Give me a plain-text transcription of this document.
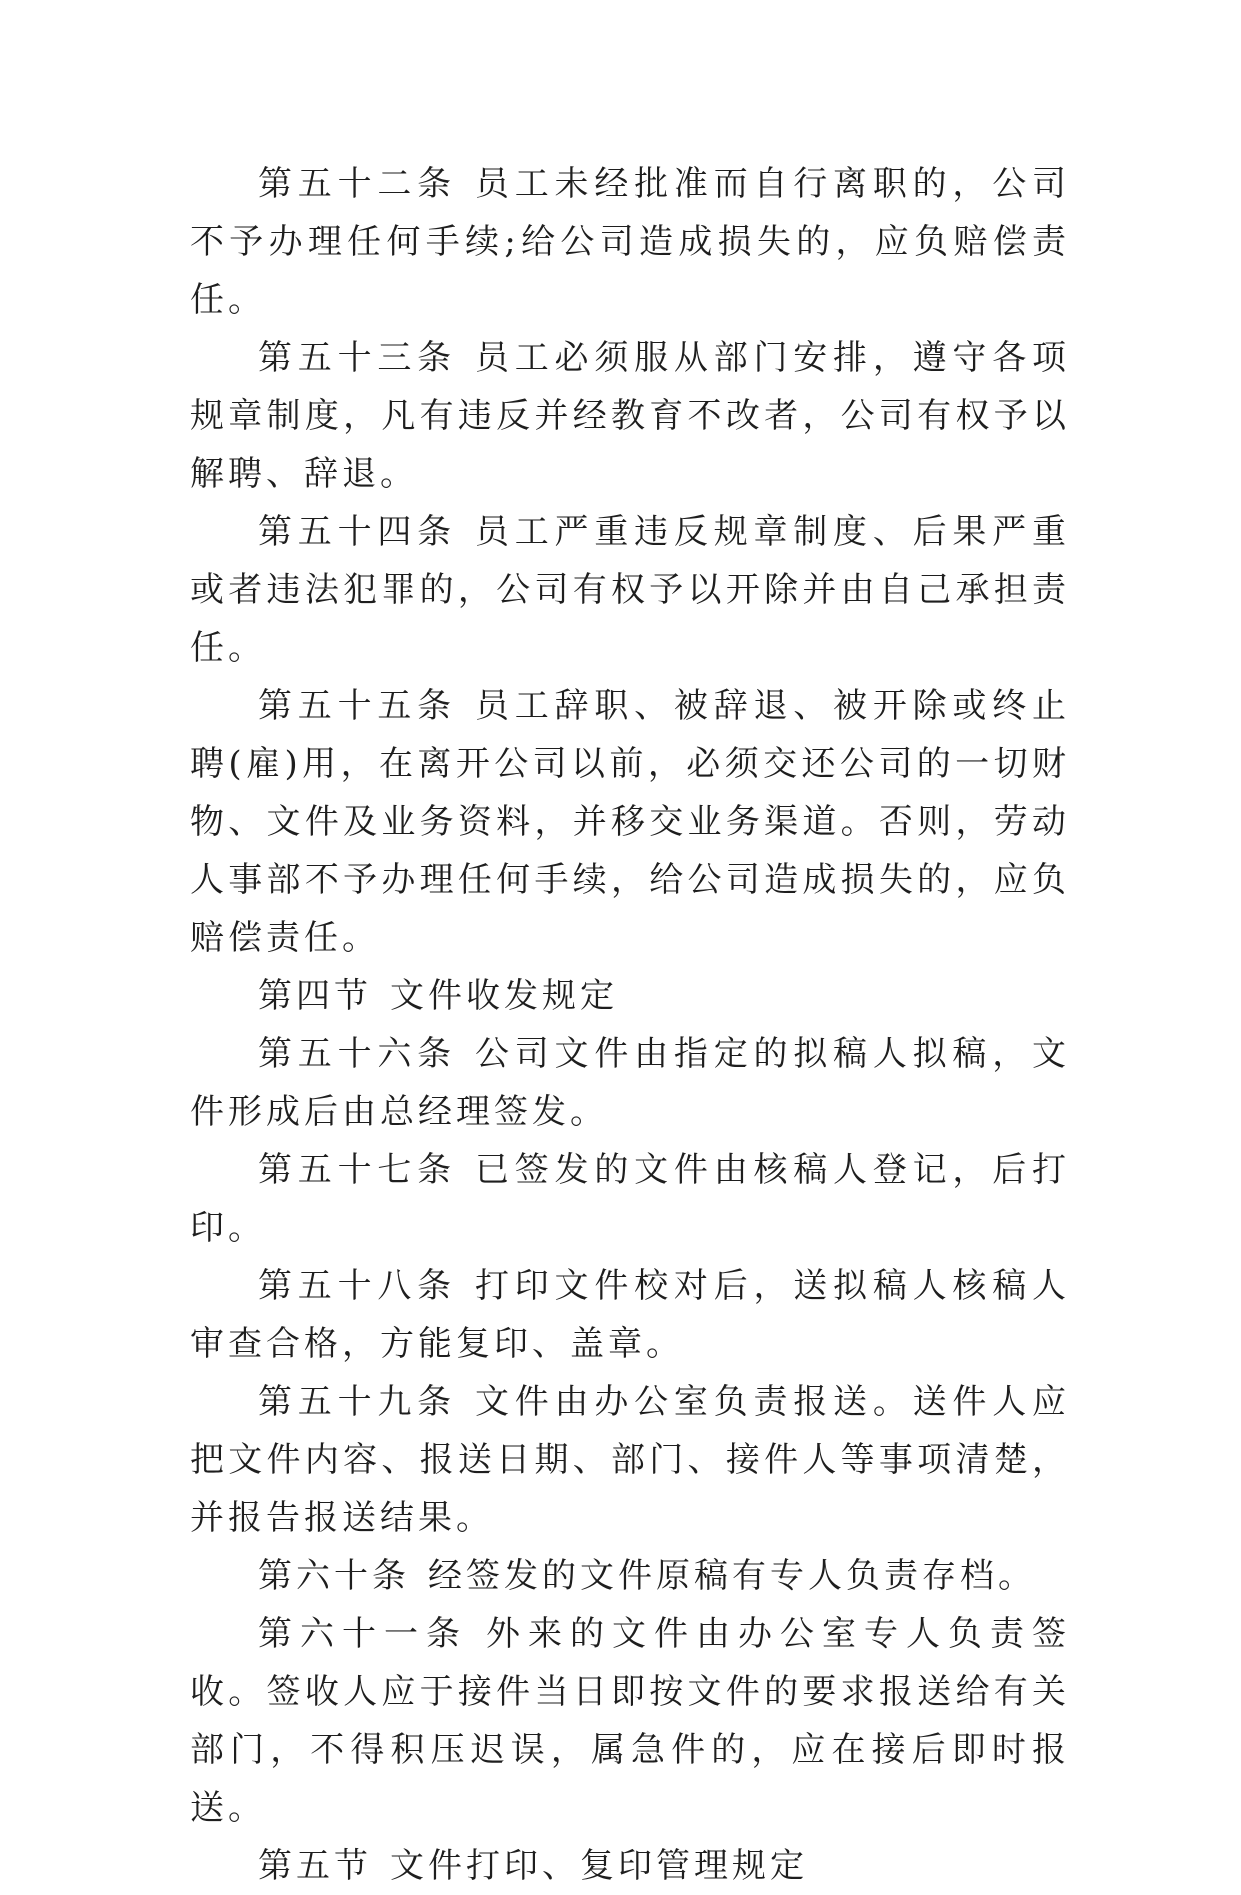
第五十二条 员工未经批准而自行离职的，公司不予办理任何手续;给公司造成损失的，应负赔偿责任。

第五十三条 员工必须服从部门安排，遵守各项规章制度，凡有违反并经教育不改者，公司有权予以解聘、辞退。

第五十四条 员工严重违反规章制度、后果严重或者违法犯罪的，公司有权予以开除并由自己承担责任。

第五十五条 员工辞职、被辞退、被开除或终止聘(雇)用，在离开公司以前，必须交还公司的一切财物、文件及业务资料，并移交业务渠道。否则，劳动人事部不予办理任何手续，给公司造成损失的，应负赔偿责任。

第四节 文件收发规定

第五十六条 公司文件由指定的拟稿人拟稿，文件形成后由总经理签发。

第五十七条 已签发的文件由核稿人登记，后打印。

第五十八条 打印文件校对后，送拟稿人核稿人审查合格，方能复印、盖章。

第五十九条 文件由办公室负责报送。送件人应把文件内容、报送日期、部门、接件人等事项清楚，并报告报送结果。

第六十条 经签发的文件原稿有专人负责存档。

第六十一条 外来的文件由办公室专人负责签收。签收人应于接件当日即按文件的要求报送给有关部门，不得积压迟误，属急件的，应在接后即时报送。

第五节 文件打印、复印管理规定
